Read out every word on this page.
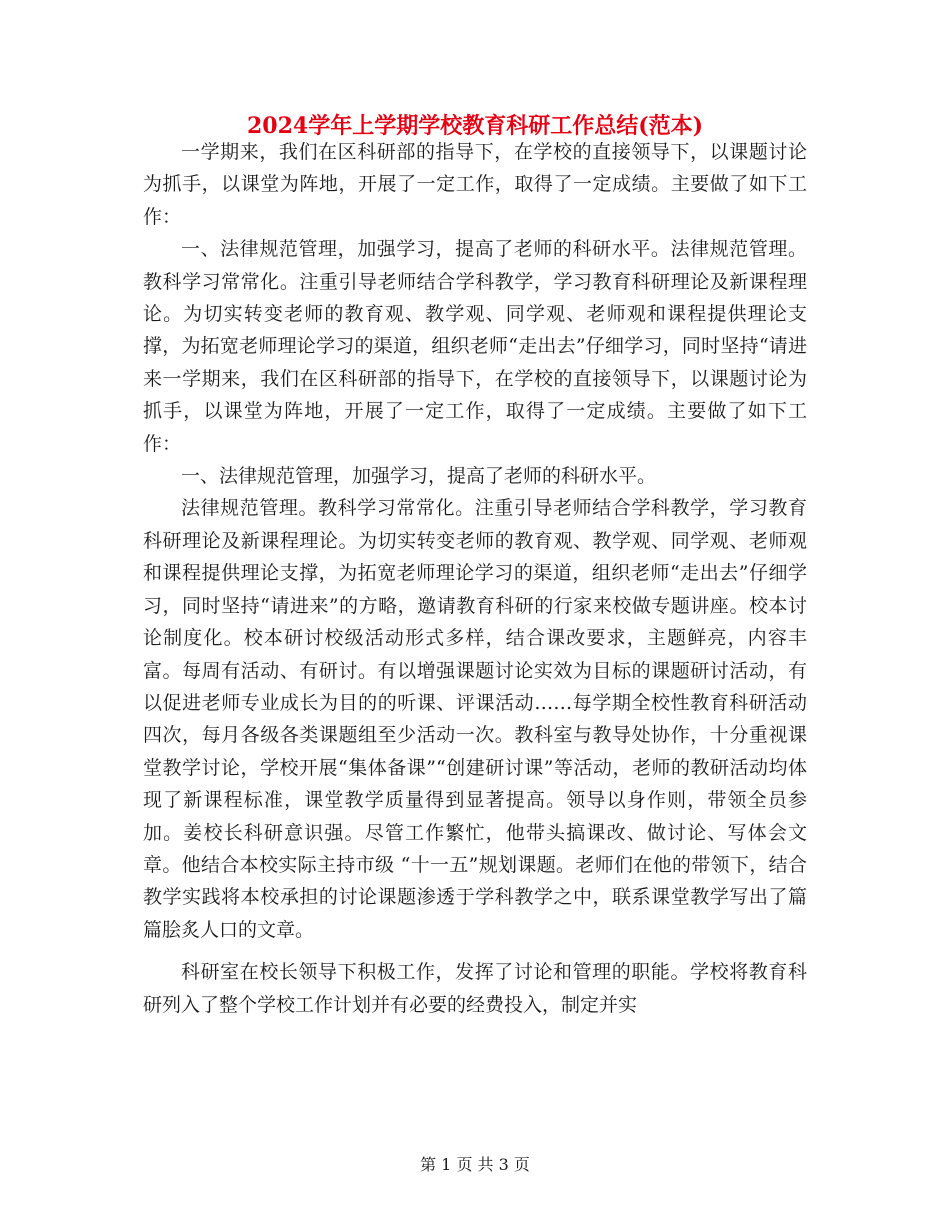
2024学年上学期学校教育科研工作总结(范本)

一学期来，我们在区科研部的指导下，在学校的直接领导下，以课题讨论为抓手，以课堂为阵地，开展了一定工作，取得了一定成绩。主要做了如下工作：

一、法律规范管理，加强学习，提高了老师的科研水平。法律规范管理。教科学习常常化。注重引导老师结合学科教学，学习教育科研理论及新课程理论。为切实转变老师的教育观、教学观、同学观、老师观和课程提供理论支撑，为拓宽老师理论学习的渠道，组织老师“走出去”仔细学习，同时坚持“请进来一学期来，我们在区科研部的指导下，在学校的直接领导下，以课题讨论为抓手，以课堂为阵地，开展了一定工作，取得了一定成绩。主要做了如下工作：

一、法律规范管理，加强学习，提高了老师的科研水平。

法律规范管理。教科学习常常化。注重引导老师结合学科教学，学习教育科研理论及新课程理论。为切实转变老师的教育观、教学观、同学观、老师观和课程提供理论支撑，为拓宽老师理论学习的渠道，组织老师“走出去”仔细学习，同时坚持“请进来”的方略，邀请教育科研的行家来校做专题讲座。校本讨论制度化。校本研讨校级活动形式多样，结合课改要求，主题鲜亮，内容丰富。每周有活动、有研讨。有以增强课题讨论实效为目标的课题研讨活动，有以促进老师专业成长为目的的听课、评课活动……每学期全校性教育科研活动四次，每月各级各类课题组至少活动一次。教科室与教导处协作，十分重视课堂教学讨论，学校开展“集体备课”“创建研讨课”等活动，老师的教研活动均体现了新课程标准，课堂教学质量得到显著提高。领导以身作则，带领全员参加。姜校长科研意识强。尽管工作繁忙，他带头搞课改、做讨论、写体会文章。他结合本校实际主持市级 “十一五”规划课题。老师们在他的带领下，结合教学实践将本校承担的讨论课题渗透于学科教学之中，联系课堂教学写出了篇篇脍炙人口的文章。

科研室在校长领导下积极工作，发挥了讨论和管理的职能。学校将教育科研列入了整个学校工作计划并有必要的经费投入，制定并实

第 1 页 共 3 页
